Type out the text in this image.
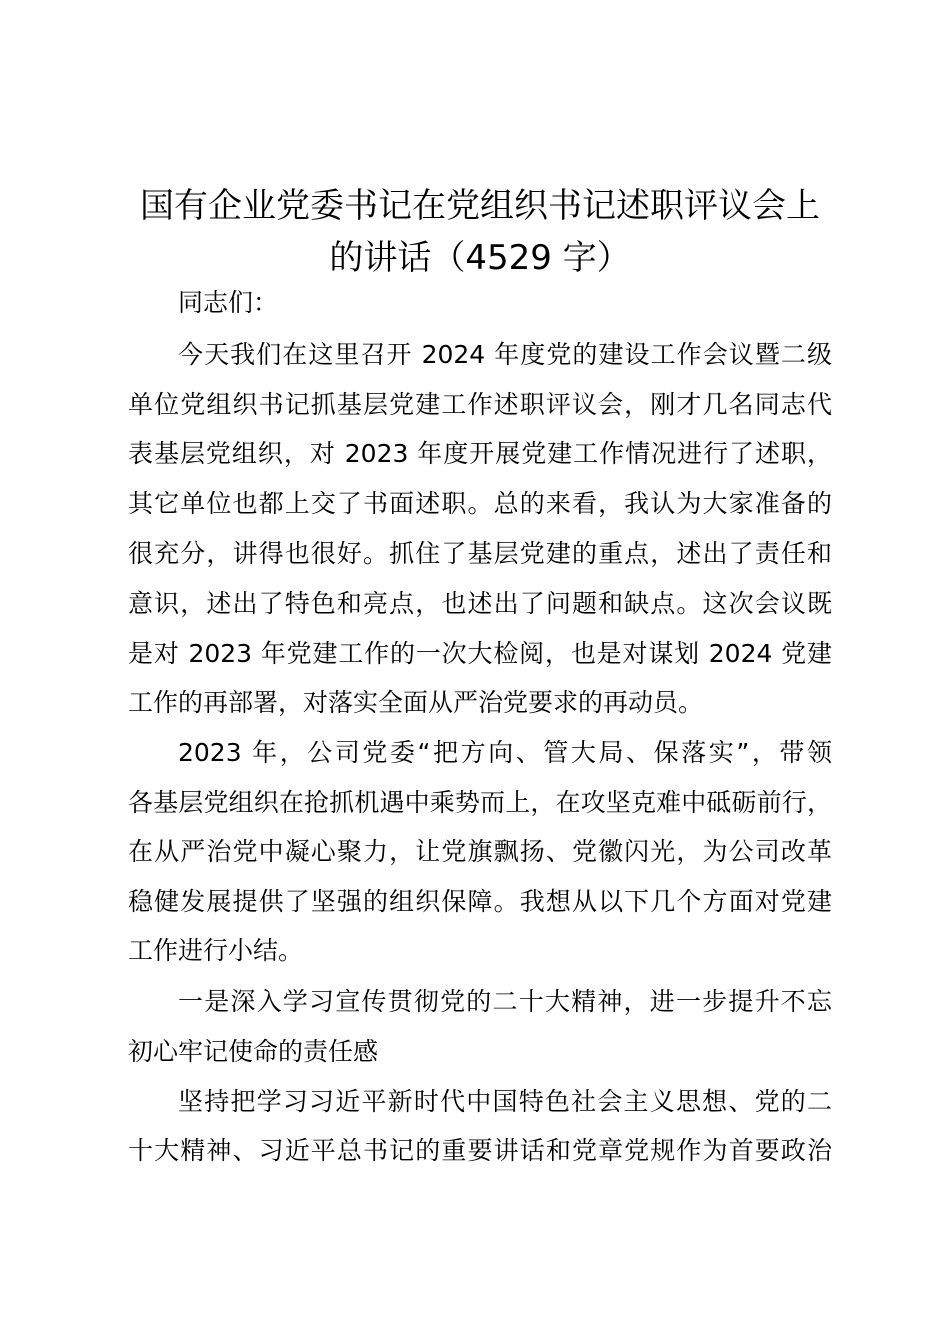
国有企业党委书记在党组织书记述职评议会上
的讲话（4529 字）
同志们：
今天我们在这里召开 2024 年度党的建设工作会议暨二级
单位党组织书记抓基层党建工作述职评议会，刚才几名同志代
表基层党组织，对 2023 年度开展党建工作情况进行了述职，
其它单位也都上交了书面述职。总的来看，我认为大家准备的
很充分，讲得也很好。抓住了基层党建的重点，述出了责任和
意识，述出了特色和亮点，也述出了问题和缺点。这次会议既
是对 2023 年党建工作的一次大检阅，也是对谋划 2024 党建
工作的再部署，对落实全面从严治党要求的再动员。
2023 年，公司党委“把方向、管大局、保落实”，带领
各基层党组织在抢抓机遇中乘势而上，在攻坚克难中砥砺前行，
在从严治党中凝心聚力，让党旗飘扬、党徽闪光，为公司改革
稳健发展提供了坚强的组织保障。我想从以下几个方面对党建
工作进行小结。
一是深入学习宣传贯彻党的二十大精神，进一步提升不忘
初心牢记使命的责任感
坚持把学习习近平新时代中国特色社会主义思想、党的二
十大精神、习近平总书记的重要讲话和党章党规作为首要政治
